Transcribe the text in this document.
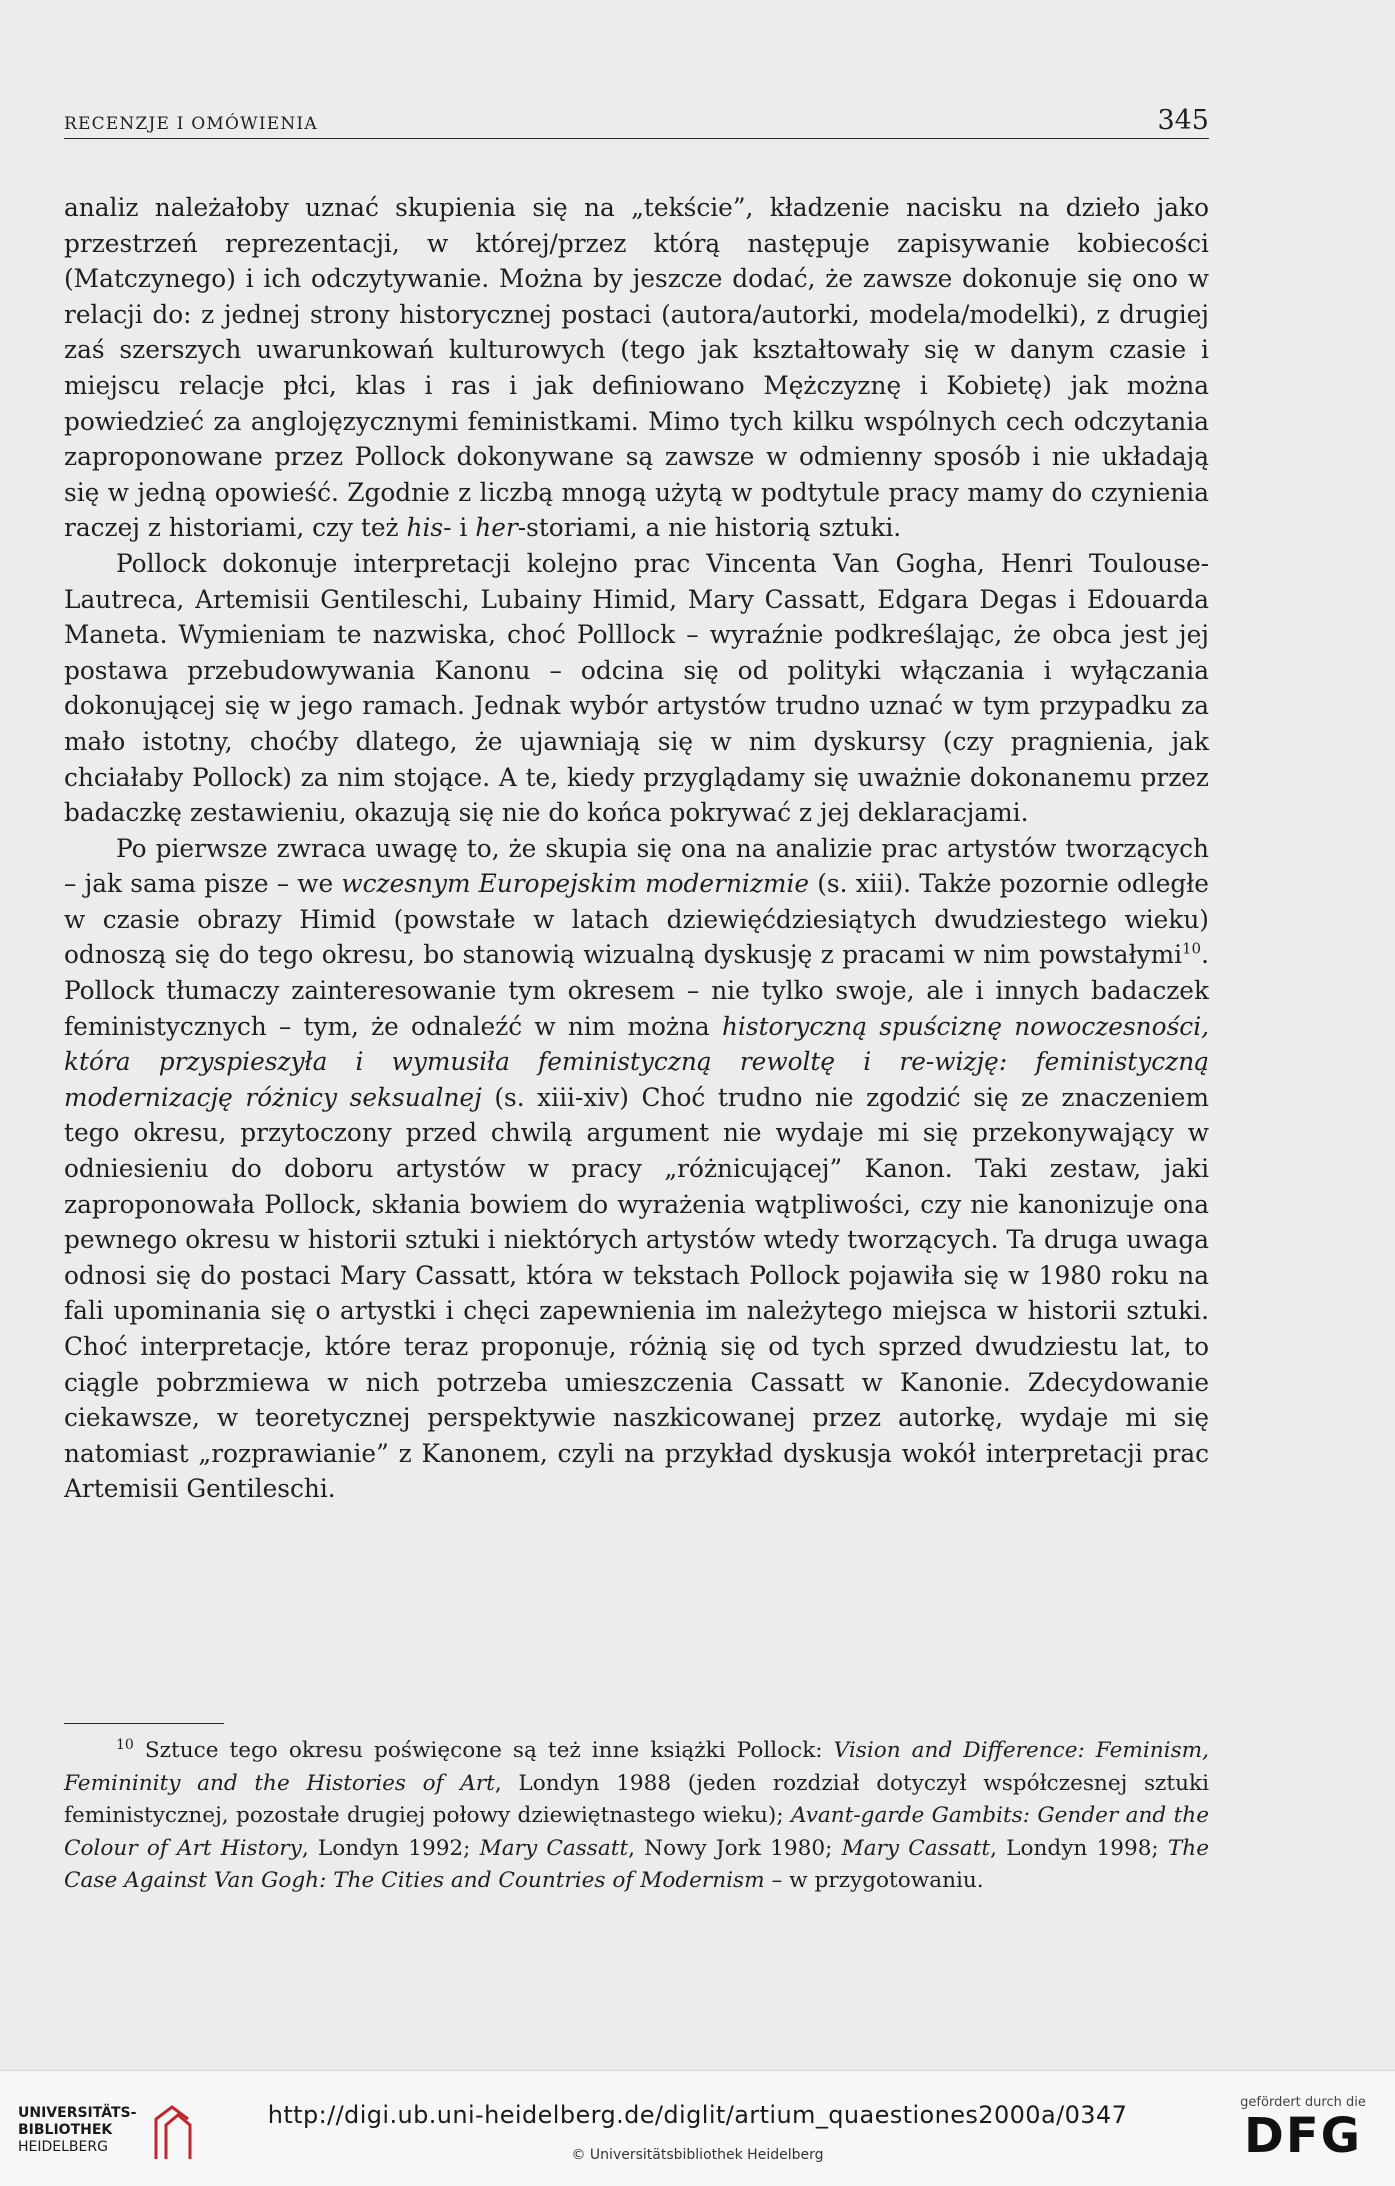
RECENZJE I OMÓWIENIA	345

analiz należałoby uznać skupienia się na „tekście”, kładzenie nacisku na dzieło jako przestrzeń reprezentacji, w której/przez którą następuje zapisywanie kobiecości (Matczynego) i ich odczytywanie. Można by jeszcze dodać, że zawsze dokonuje się ono w relacji do: z jednej strony historycznej postaci (autora/autorki, modela/modelki), z drugiej zaś szerszych uwarunkowań kulturowych (tego jak kształtowały się w danym czasie i miejscu relacje płci, klas i ras i jak definiowano Mężczyznę i Kobietę) jak można powiedzieć za anglojęzycznymi feministkami. Mimo tych kilku wspólnych cech odczytania zaproponowane przez Pollock dokonywane są zawsze w odmienny sposób i nie układają się w jedną opowieść. Zgodnie z liczbą mnogą użytą w podtytule pracy mamy do czynienia raczej z historiami, czy też his- i her-storiami, a nie historią sztuki.

Pollock dokonuje interpretacji kolejno prac Vincenta Van Gogha, Henri Toulouse-Lautreca, Artemisii Gentileschi, Lubainy Himid, Mary Cassatt, Edgara Degas i Edouarda Maneta. Wymieniam te nazwiska, choć Polllock – wyraźnie podkreślając, że obca jest jej postawa przebudowywania Kanonu – odcina się od polityki włączania i wyłączania dokonującej się w jego ramach. Jednak wybór artystów trudno uznać w tym przypadku za mało istotny, choćby dlatego, że ujawniają się w nim dyskursy (czy pragnienia, jak chciałaby Pollock) za nim stojące. A te, kiedy przyglądamy się uważnie dokonanemu przez badaczkę zestawieniu, okazują się nie do końca pokrywać z jej deklaracjami.

Po pierwsze zwraca uwagę to, że skupia się ona na analizie prac artystów tworzących – jak sama pisze – we wczesnym Europejskim modernizmie (s. xiii). Także pozornie odległe w czasie obrazy Himid (powstałe w latach dziewięćdziesiątych dwudziestego wieku) odnoszą się do tego okresu, bo stanowią wizualną dyskusję z pracami w nim powstałymi$^{10}$. Pollock tłumaczy zainteresowanie tym okresem – nie tylko swoje, ale i innych badaczek feministycznych – tym, że odnaleźć w nim można historyczną spuściznę nowoczesności, która przyspieszyła i wymusiła feministyczną rewoltę i re-wizję: feministyczną modernizację różnicy seksualnej (s. xiii-xiv) Choć trudno nie zgodzić się ze znaczeniem tego okresu, przytoczony przed chwilą argument nie wydaje mi się przekonywający w odniesieniu do doboru artystów w pracy „różnicującej” Kanon. Taki zestaw, jaki zaproponowała Pollock, skłania bowiem do wyrażenia wątpliwości, czy nie kanonizuje ona pewnego okresu w historii sztuki i niektórych artystów wtedy tworzących. Ta druga uwaga odnosi się do postaci Mary Cassatt, która w tekstach Pollock pojawiła się w 1980 roku na fali upominania się o artystki i chęci zapewnienia im należytego miejsca w historii sztuki. Choć interpretacje, które teraz proponuje, różnią się od tych sprzed dwudziestu lat, to ciągle pobrzmiewa w nich potrzeba umieszczenia Cassatt w Kanonie. Zdecydowanie ciekawsze, w teoretycznej perspektywie naszkicowanej przez autorkę, wydaje mi się natomiast „rozprawianie” z Kanonem, czyli na przykład dyskusja wokół interpretacji prac Artemisii Gentileschi.

$^{10}$ Sztuce tego okresu poświęcone są też inne książki Pollock: Vision and Difference: Feminism, Femininity and the Histories of Art, Londyn 1988 (jeden rozdział dotyczył współczesnej sztuki feministycznej, pozostałe drugiej połowy dziewiętnastego wieku); Avant-garde Gambits: Gender and the Colour of Art History, Londyn 1992; Mary Cassatt, Nowy Jork 1980; Mary Cassatt, Londyn 1998; The Case Against Van Gogh: The Cities and Countries of Modernism – w przygotowaniu.

UNIVERSITÄTS-
BIBLIOTHEK
HEIDELBERG
http://digi.ub.uni-heidelberg.de/diglit/artium_quaestiones2000a/0347
© Universitätsbibliothek Heidelberg
gefördert durch die
DFG
